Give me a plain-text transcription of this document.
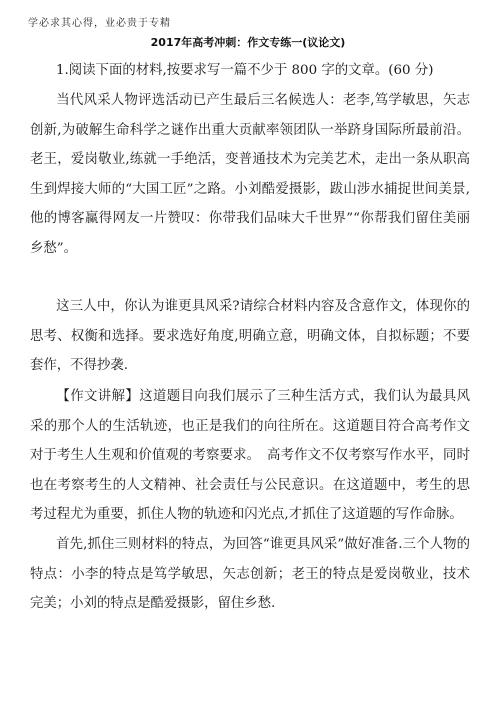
学必求其心得，业必贵于专精
2017年高考冲刺：作文专练一(议论文)
1.阅读下面的材料,按要求写一篇不少于 800 字的文章。(60 分)
当代风采人物评选活动已产生最后三名候选人：老李,笃学敏思，矢志创新,为破解生命科学之谜作出重大贡献率领团队一举跻身国际所最前沿。老王，爱岗敬业,练就一手绝活，变普通技术为完美艺术，走出一条从职高生到焊接大师的“大国工匠”之路。小刘酷爱摄影，跋山涉水捕捉世间美景,他的博客赢得网友一片赞叹：你带我们品味大千世界”“你帮我们留住美丽乡愁”。
这三人中，你认为谁更具风采?请综合材料内容及含意作文，体现你的思考、权衡和选择。要求选好角度,明确立意，明确文体，自拟标题；不要套作，不得抄袭.
【作文讲解】这道题目向我们展示了三种生活方式，我们认为最具风采的那个人的生活轨迹，也正是我们的向往所在。这道题目符合高考作文对于考生人生观和价值观的考察要求。　高考作文不仅考察写作水平，同时也在考察考生的人文精神、社会责任与公民意识。在这道题中，考生的思考过程尤为重要，抓住人物的轨迹和闪光点,才抓住了这道题的写作命脉。
首先,抓住三则材料的特点，为回答“谁更具风采”做好准备.三个人物的特点：小李的特点是笃学敏思，矢志创新；老王的特点是爱岗敬业，技术完美；小刘的特点是酷爱摄影，留住乡愁.
